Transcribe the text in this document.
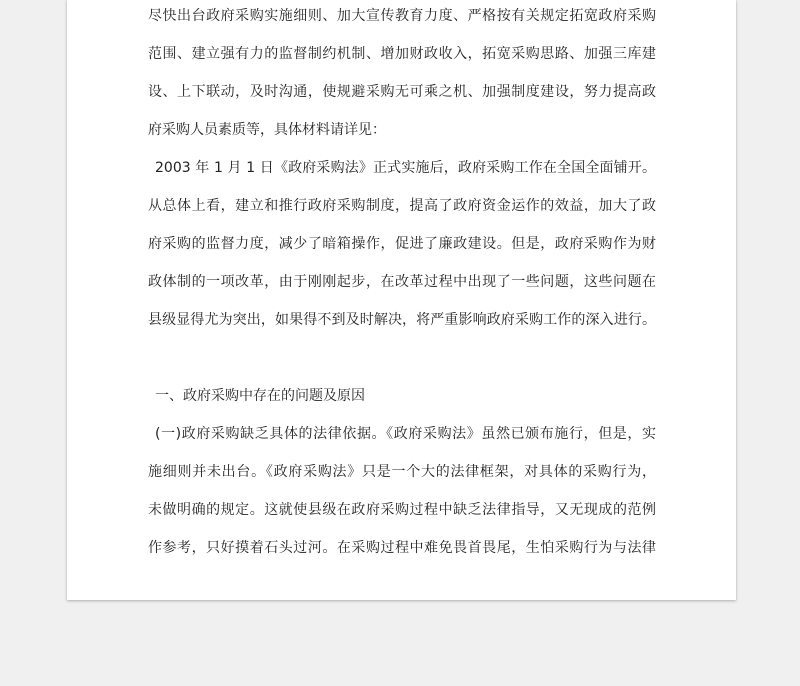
尽快出台政府采购实施细则、加大宣传教育力度、严格按有关规定拓宽政府采购
范围、建立强有力的监督制约机制、增加财政收入，拓宽采购思路、加强三库建
设、上下联动，及时沟通，使规避采购无可乘之机、加强制度建设，努力提高政
府采购人员素质等，具体材料请详见：
2003 年 1 月 1 日《政府采购法》正式实施后，政府采购工作在全国全面铺开。
从总体上看，建立和推行政府采购制度，提高了政府资金运作的效益，加大了政
府采购的监督力度，减少了暗箱操作，促进了廉政建设。但是，政府采购作为财
政体制的一项改革，由于刚刚起步，在改革过程中出现了一些问题，这些问题在
县级显得尤为突出，如果得不到及时解决，将严重影响政府采购工作的深入进行。
一、政府采购中存在的问题及原因
(一)政府采购缺乏具体的法律依据。《政府采购法》虽然已颁布施行，但是，实
施细则并未出台。《政府采购法》只是一个大的法律框架，对具体的采购行为，
未做明确的规定。这就使县级在政府采购过程中缺乏法律指导，又无现成的范例
作参考，只好摸着石头过河。在采购过程中难免畏首畏尾，生怕采购行为与法律
